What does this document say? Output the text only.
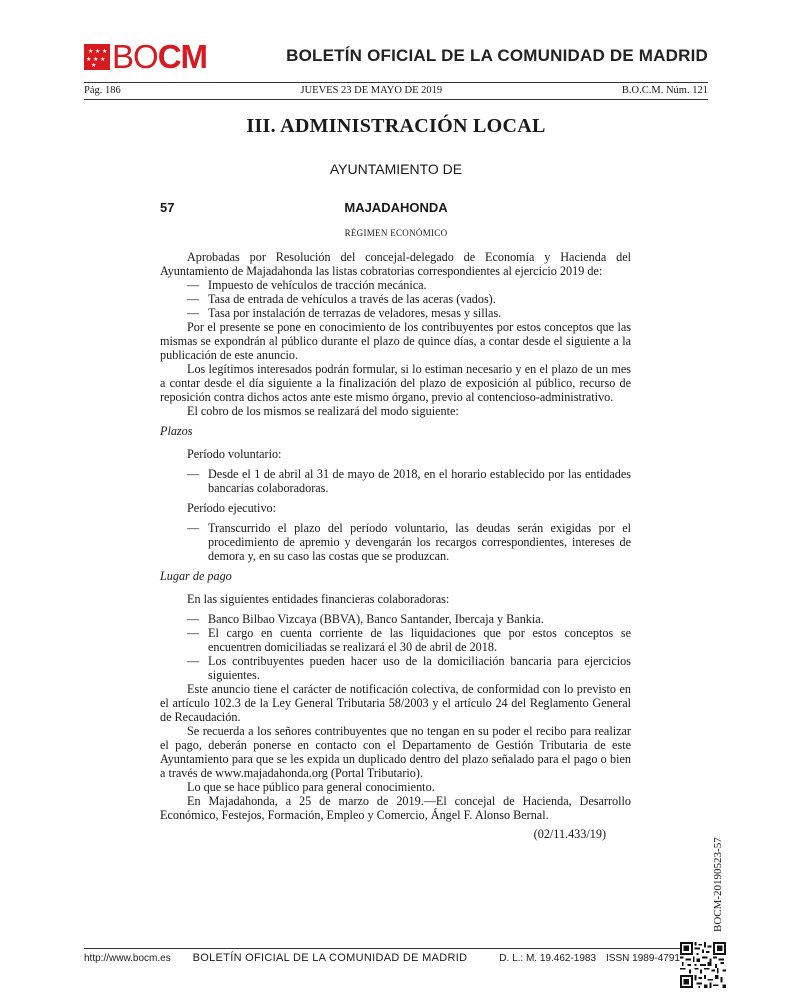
★ ★ ★
★ ★ ★
★ BOCM	BOLETÍN OFICIAL DE LA COMUNIDAD DE MADRID
Pág. 186	JUEVES 23 DE MAYO DE 2019	B.O.C.M. Núm. 121
III. ADMINISTRACIÓN LOCAL
AYUNTAMIENTO DE
57	MAJADAHONDA
RÉGIMEN ECONÓMICO

Aprobadas por Resolución del concejal-delegado de Economía y Hacienda del Ayuntamiento de Majadahonda las listas cobratorias correspondientes al ejercicio 2019 de:

— Impuesto de vehículos de tracción mecánica.

— Tasa de entrada de vehículos a través de las aceras (vados).

— Tasa por instalación de terrazas de veladores, mesas y sillas.

Por el presente se pone en conocimiento de los contribuyentes por estos conceptos que las mismas se expondrán al público durante el plazo de quince días, a contar desde el siguiente a la publicación de este anuncio.

Los legítimos interesados podrán formular, si lo estiman necesario y en el plazo de un mes a contar desde el día siguiente a la finalización del plazo de exposición al público, recurso de reposición contra dichos actos ante este mismo órgano, previo al contencioso-administrativo.

El cobro de los mismos se realizará del modo siguiente:

Plazos

Período voluntario:

— Desde el 1 de abril al 31 de mayo de 2018, en el horario establecido por las entidades bancarias colaboradoras.

Período ejecutivo:

— Transcurrido el plazo del período voluntario, las deudas serán exigidas por el procedimiento de apremio y devengarán los recargos correspondientes, intereses de demora y, en su caso las costas que se produzcan.

Lugar de pago

En las siguientes entidades financieras colaboradoras:

— Banco Bilbao Vizcaya (BBVA), Banco Santander, Ibercaja y Bankia.

— El cargo en cuenta corriente de las liquidaciones que por estos conceptos se encuentren domiciliadas se realizará el 30 de abril de 2018.

— Los contribuyentes pueden hacer uso de la domiciliación bancaria para ejercicios siguientes.

Este anuncio tiene el carácter de notificación colectiva, de conformidad con lo previsto en el artículo 102.3 de la Ley General Tributaria 58/2003 y el artículo 24 del Reglamento General de Recaudación.

Se recuerda a los señores contribuyentes que no tengan en su poder el recibo para realizar el pago, deberán ponerse en contacto con el Departamento de Gestión Tributaria de este Ayuntamiento para que se les expida un duplicado dentro del plazo señalado para el pago o bien a través de www.majadahonda.org (Portal Tributario).

Lo que se hace público para general conocimiento.

En Majadahonda, a 25 de marzo de 2019.—El concejal de Hacienda, Desarrollo Económico, Festejos, Formación, Empleo y Comercio, Ángel F. Alonso Bernal.

(02/11.433/19)

BOCM-20190523-57
http://www.bocm.es BOLETÍN OFICIAL DE LA COMUNIDAD DE MADRID	D. L.: M. 19.462-1983 ISSN 1989-4791
